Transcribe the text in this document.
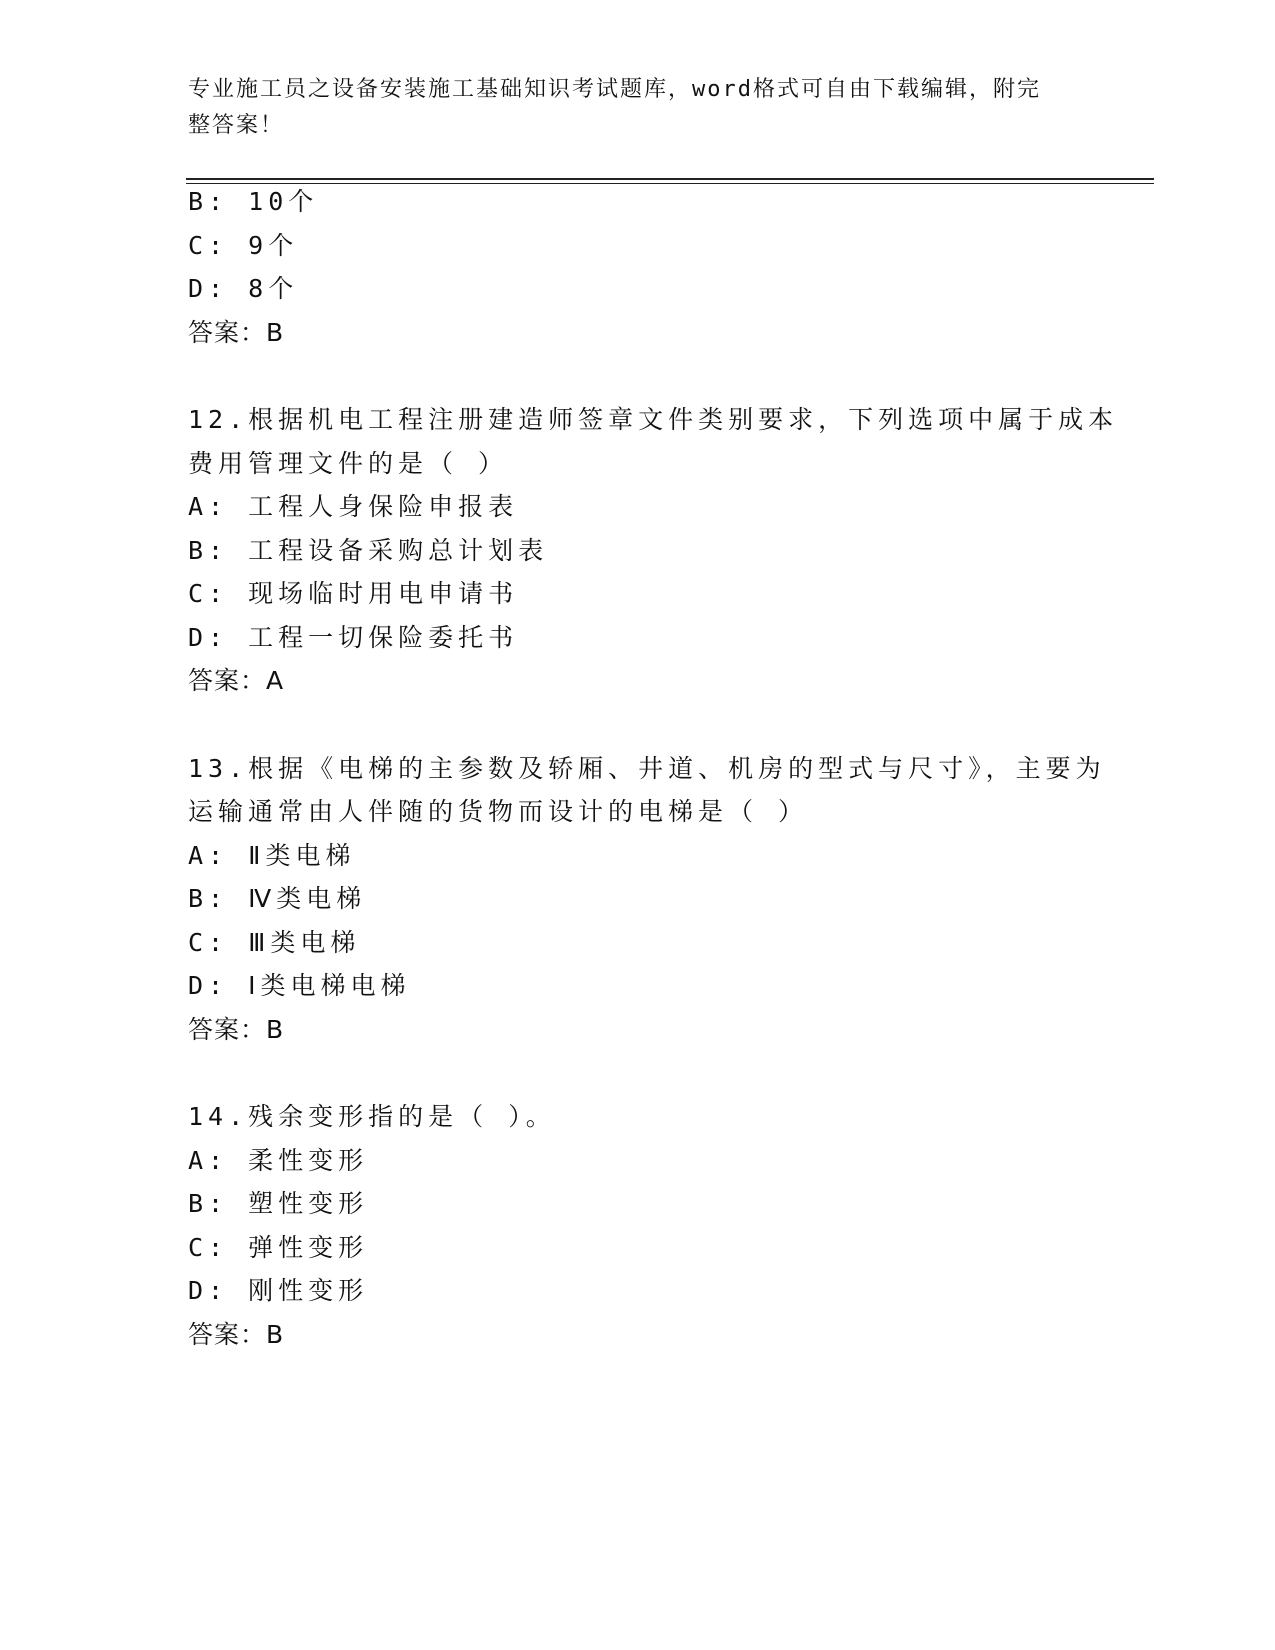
专业施工员之设备安装施工基础知识考试题库，word格式可自由下载编辑，附完
整答案！
B: 10个
C: 9个
D: 8个
答案：B
12.根据机电工程注册建造师签章文件类别要求，下列选项中属于成本
费用管理文件的是（ ）
A: 工程人身保险申报表
B: 工程设备采购总计划表
C: 现场临时用电申请书
D: 工程一切保险委托书
答案：A
13.根据《电梯的主参数及轿厢、井道、机房的型式与尺寸》，主要为
运输通常由人伴随的货物而设计的电梯是（ ）
A: Ⅱ类电梯
B: Ⅳ类电梯
C: Ⅲ类电梯
D: Ⅰ类电梯电梯
答案：B
14.残余变形指的是（ ）。
A: 柔性变形
B: 塑性变形
C: 弹性变形
D: 刚性变形
答案：B
